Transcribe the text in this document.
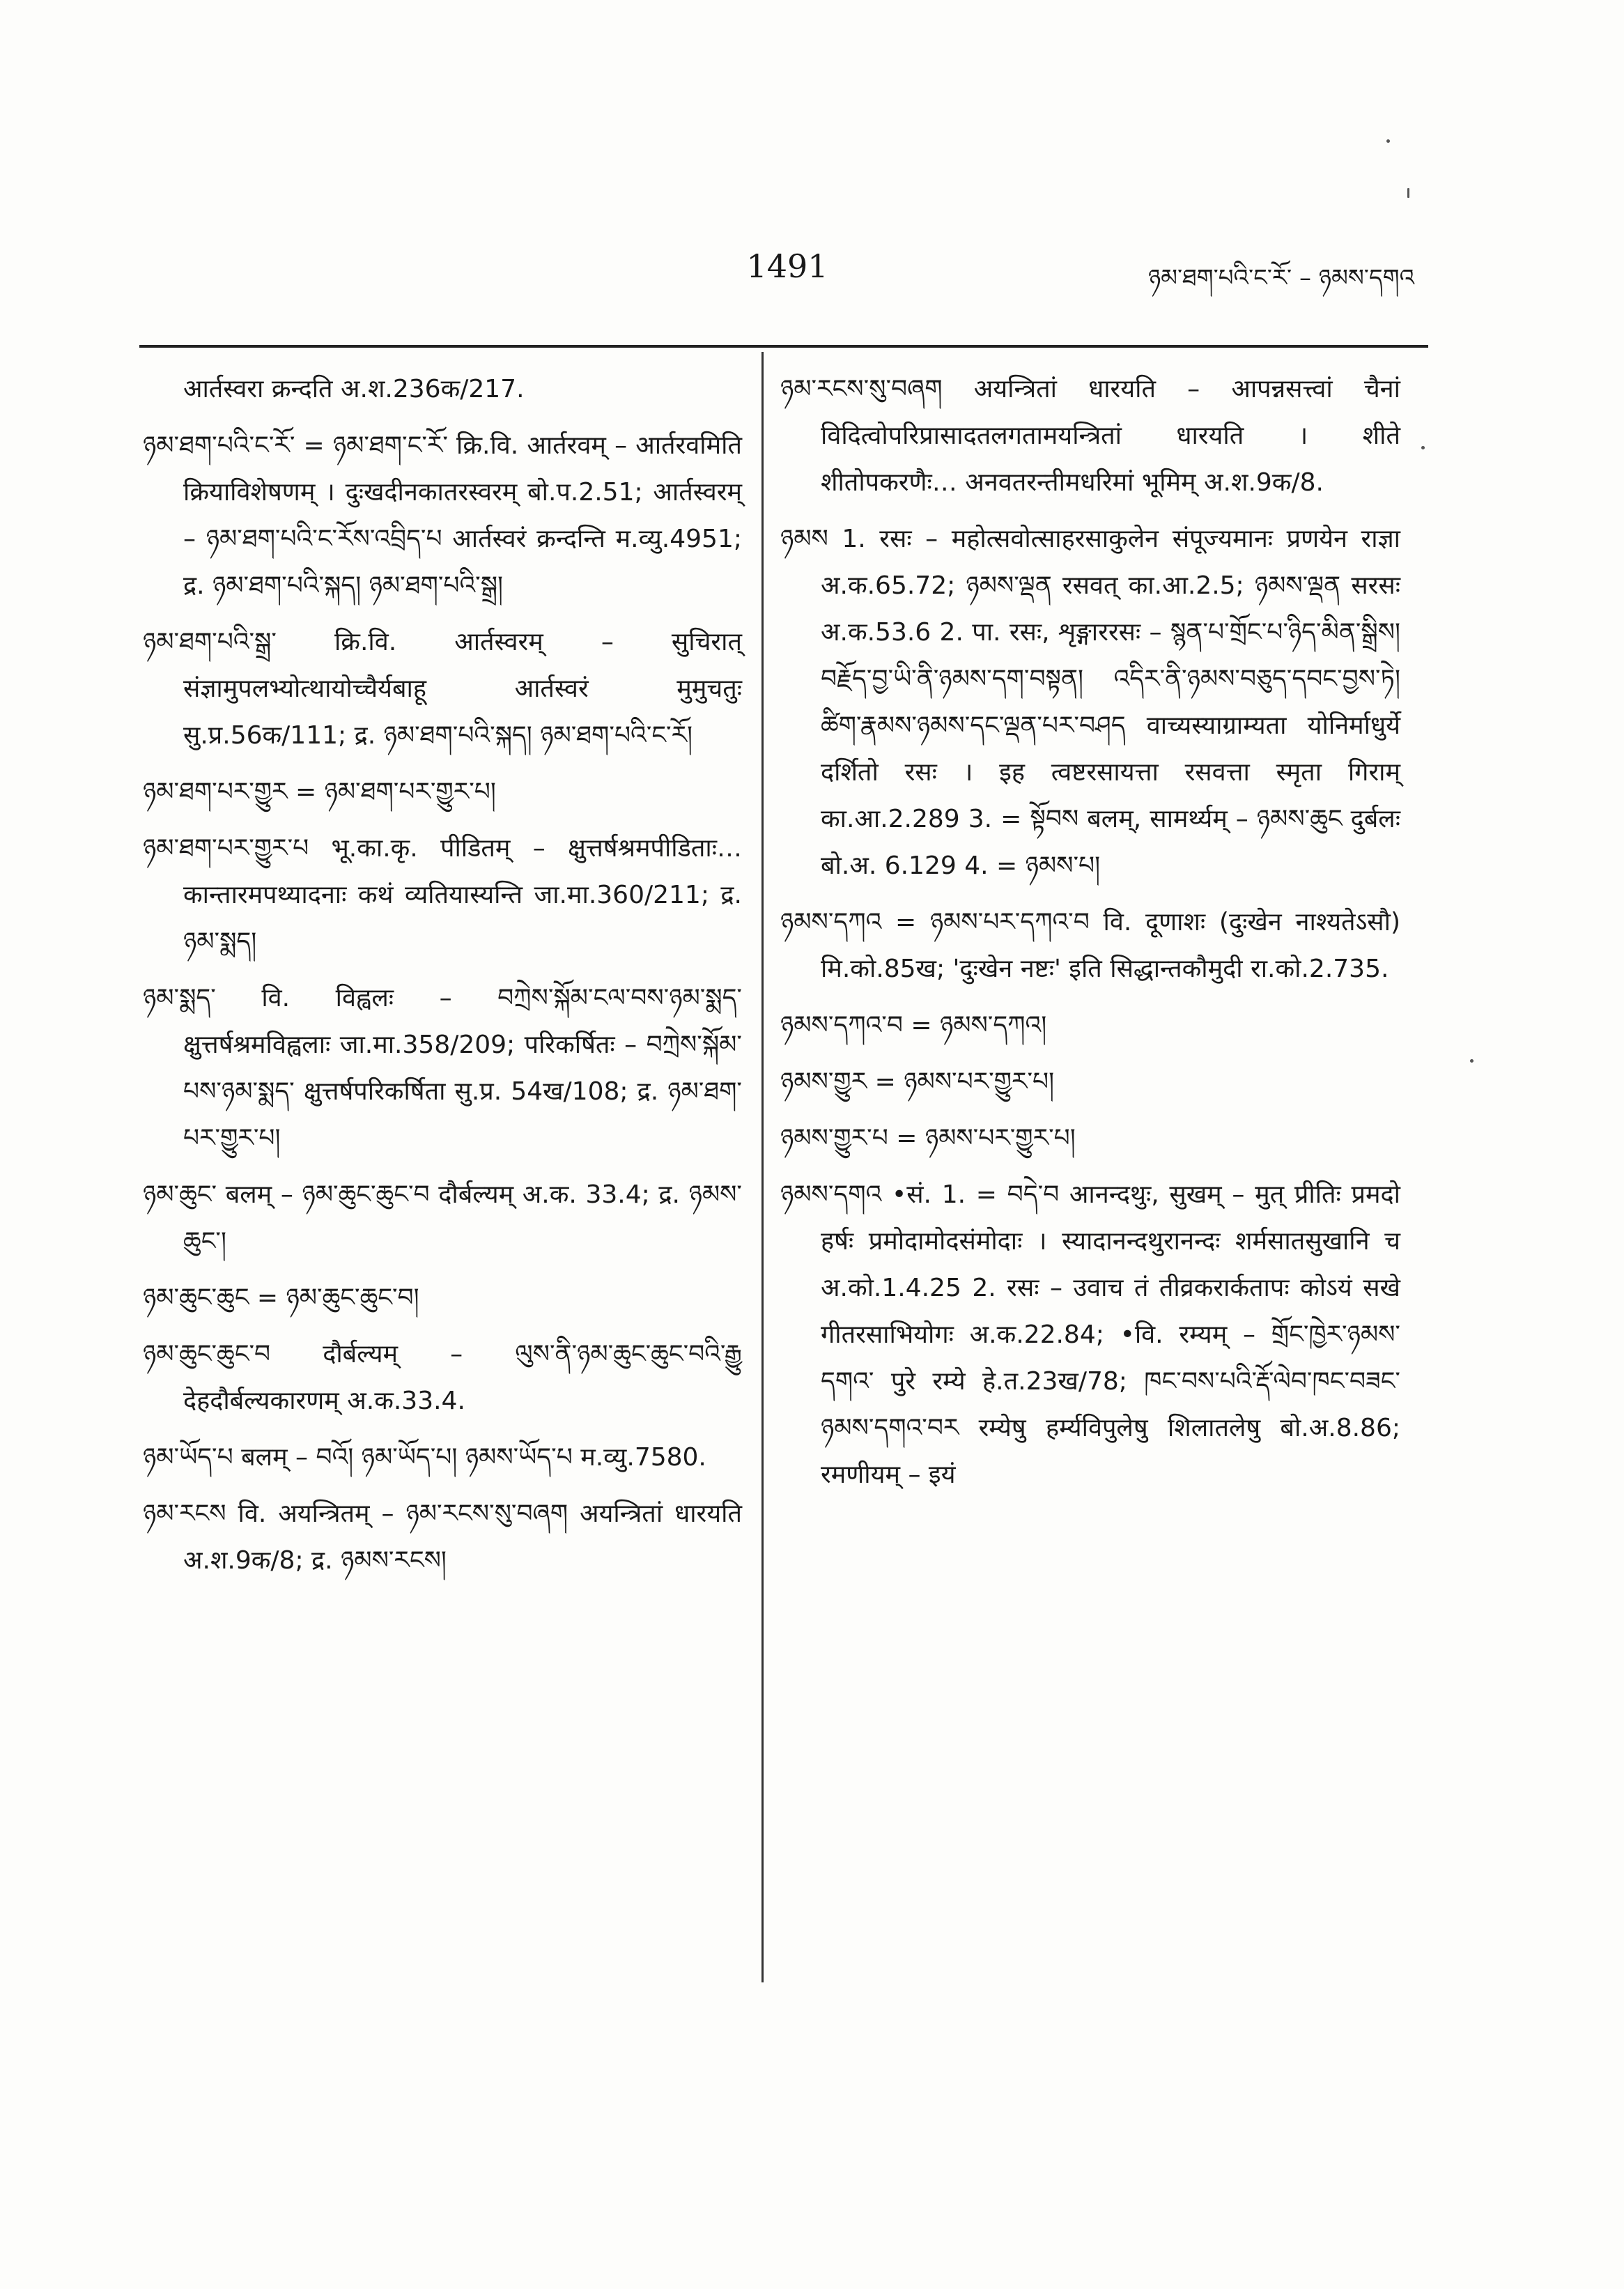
1491	ཉམ་ཐག་པའི་ང་རོ་ – ཉམས་དགའ

आर्तस्वरा क्रन्दति अ.श.236क/217.

ཉམ་ཐག་པའི་ང་རོ་ = ཉམ་ཐག་ང་རོ་ क्रि.वि. आर्तरवम् – आर्तरवमिति क्रियाविशेषणम् । दुःखदीनकातरस्वरम् बो.प.2.51; आर्तस्वरम् – ཉམ་ཐག་པའི་ང་རོས་འབྲིད་པ आर्तस्वरं क्रन्दन्ति म.व्यु.4951; द्र. ཉམ་ཐག་པའི་སྐད། ཉམ་ཐག་པའི་སྒྲ།

ཉམ་ཐག་པའི་སྒྲ་ क्रि.वि. आर्तस्वरम् – सुचिरात् संज्ञामुपलभ्योत्थायोच्चैर्यबाहू आर्तस्वरं मुमुचतुः सु.प्र.56क/111; द्र. ཉམ་ཐག་པའི་སྐད། ཉམ་ཐག་པའི་ང་རོ།

ཉམ་ཐག་པར་གྱུར = ཉམ་ཐག་པར་གྱུར་པ།

ཉམ་ཐག་པར་གྱུར་པ भू.का.कृ. पीडितम् – क्षुत्तर्षश्रमपीडिताः… कान्तारमपथ्यादनाः कथं व्यतियास्यन्ति जा.मा.360/211; द्र. ཉམ་སྨད།

ཉམ་སྨད་ वि. विह्वलः – བཀྲེས་སྐོམ་ངལ་བས་ཉམ་སྨད་ क्षुत्तर्षश्रमविह्वलाः जा.मा.358/209; परिकर्षितः – བཀྲེས་སྐོམ་པས་ཉམ་སྨད་ क्षुत्तर्षपरिकर्षिता सु.प्र. 54ख/108; द्र. ཉམ་ཐག་པར་གྱུར་པ།

ཉམ་ཆུང་ बलम् – ཉམ་ཆུང་ཆུང་བ दौर्बल्यम् अ.क. 33.4; द्र. ཉམས་ཆུང་།

ཉམ་ཆུང་ཆུང = ཉམ་ཆུང་ཆུང་བ།

ཉམ་ཆུང་ཆུང་བ दौर्बल्यम् – ལུས་ནི་ཉམ་ཆུང་ཆུང་བའི་རྒྱུ देहदौर्बल्यकारणम् अ.क.33.4.

ཉམ་ཡོད་པ बलम् – བའོ། ཉམ་ཡོད་པ། ཉམས་ཡོད་པ म.व्यु.7580.

ཉམ་རངས वि. अयन्त्रितम् – ཉམ་རངས་སུ་བཞག अयन्त्रितां धारयति अ.श.9क/8; द्र. ཉམས་རངས།

ཉམ་རངས་སུ་བཞག अयन्त्रितां धारयति – आपन्नसत्त्वां चैनां विदित्वोपरिप्रासादतलगतामयन्त्रितां धारयति । शीते शीतोपकरणैः… अनवतरन्तीमधरिमां भूमिम् अ.श.9क/8.

ཉམས 1. रसः – महोत्सवोत्साहरसाकुलेन संपूज्यमानः प्रणयेन राज्ञा अ.क.65.72; ཉམས་ལྡན रसवत् का.आ.2.5; ཉམས་ལྡན सरसः अ.क.53.6 2. पा. रसः, शृङ्गाररसः – སྙན་པ་གྲོང་པ་ཉིད་མིན་སྒྲིས། བརྗོད་བྱ་ཡི་ནི་ཉམས་དག་བསྟན། འདིར་ནི་ཉམས་བཅུད་དབང་བྱས་ཏེ། ཚིག་རྣམས་ཉམས་དང་ལྡན་པར་བཤད वाच्यस्याग्राम्यता योनिर्माधुर्ये दर्शितो रसः । इह त्वष्टरसायत्ता रसवत्ता स्मृता गिराम् का.आ.2.289 3. = སྟོབས बलम्, सामर्थ्यम् – ཉམས་ཆུང दुर्बलः बो.अ. 6.129 4. = ཉམས་པ།

ཉམས་དཀའ = ཉམས་པར་དཀའ་བ वि. दूणाशः (दुःखेन नाश्यतेऽसौ) मि.को.85ख; 'दुःखेन नष्टः' इति सिद्धान्तकौमुदी रा.को.2.735.

ཉམས་དཀའ་བ = ཉམས་དཀའ།

ཉམས་གྱུར = ཉམས་པར་གྱུར་པ།

ཉམས་གྱུར་པ = ཉམས་པར་གྱུར་པ།

ཉམས་དགའ •सं. 1. = བདེ་བ आनन्दथुः, सुखम् – मुत् प्रीतिः प्रमदो हर्षः प्रमोदामोदसंमोदाः । स्यादानन्दथुरानन्दः शर्मसातसुखानि च अ.को.1.4.25 2. रसः – उवाच तं तीव्रकरार्कतापः कोऽयं सखे गीतरसाभियोगः अ.क.22.84; •वि. रम्यम् – གྲོང་ཁྱེར་ཉམས་དགའ་ पुरे रम्ये हे.त.23ख/78; ཁང་བས་པའི་རྡོ་ལེབ་ཁང་བཟང་ཉམས་དགའ་བར रम्येषु हर्म्यविपुलेषु शिलातलेषु बो.अ.8.86; रमणीयम् – इयं
